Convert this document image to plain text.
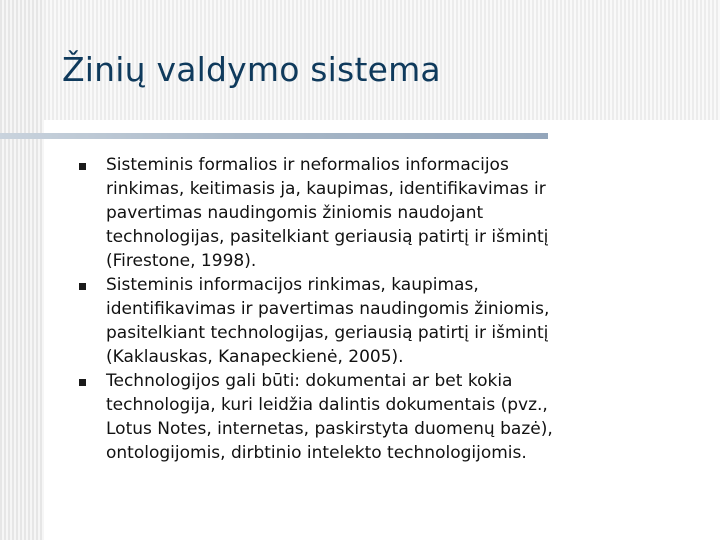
Žinių valdymo sistema
Sisteminis formalios ir neformalios informacijos
rinkimas, keitimasis ja, kaupimas, identifikavimas ir
pavertimas naudingomis žiniomis naudojant
technologijas, pasitelkiant geriausią patirtį ir išmintį
(Firestone, 1998).
Sisteminis informacijos rinkimas, kaupimas,
identifikavimas ir pavertimas naudingomis žiniomis,
pasitelkiant technologijas, geriausią patirtį ir išmintį
(Kaklauskas, Kanapeckienė, 2005).
Technologijos gali būti: dokumentai ar bet kokia
technologija, kuri leidžia dalintis dokumentais (pvz.,
Lotus Notes, internetas, paskirstyta duomenų bazė),
ontologijomis, dirbtinio intelekto technologijomis.
